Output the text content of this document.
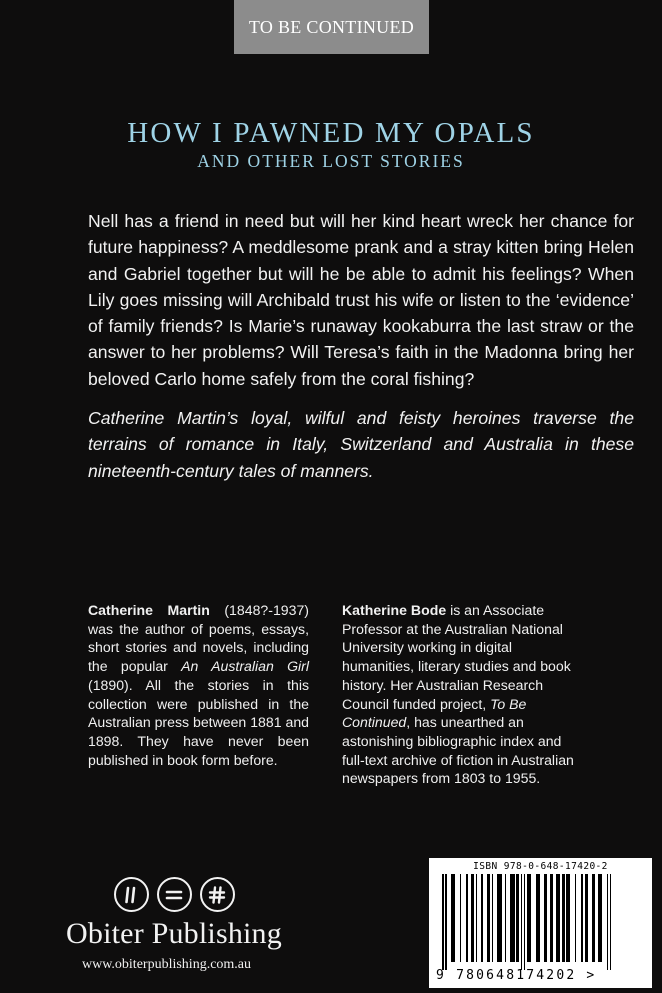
TO BE CONTINUED
HOW I PAWNED MY OPALS
AND OTHER LOST STORIES

Nell has a friend in need but will her kind heart wreck her chance for future happiness? A meddlesome prank and a stray kitten bring Helen and Gabriel together but will he be able to admit his feelings? When Lily goes missing will Archibald trust his wife or listen to the ‘evidence’ of family friends? Is Marie’s runaway kookaburra the last straw or the answer to her problems? Will Teresa’s faith in the Madonna bring her beloved Carlo home safely from the coral fishing?

Catherine Martin’s loyal, wilful and feisty heroines traverse the terrains of romance in Italy, Switzerland and Australia in these nineteenth-century tales of manners.

Catherine Martin (1848?-1937) was the author of poems, essays, short stories and novels, including the popular An Australian Girl (1890). All the stories in this collection were published in the Australian press between 1881 and 1898. They have never been published in book form before.

Katherine Bode is an Associate Professor at the Australian National University working in digital humanities, literary studies and book history. Her Australian Research Council funded project, To Be Continued, has unearthed an astonishing bibliographic index and full-text archive of fiction in Australian newspapers from 1803 to 1955.

Obiter Publishing
www.obiterpublishing.com.au
ISBN 978-0-648-17420-2
9 780648174202 >
